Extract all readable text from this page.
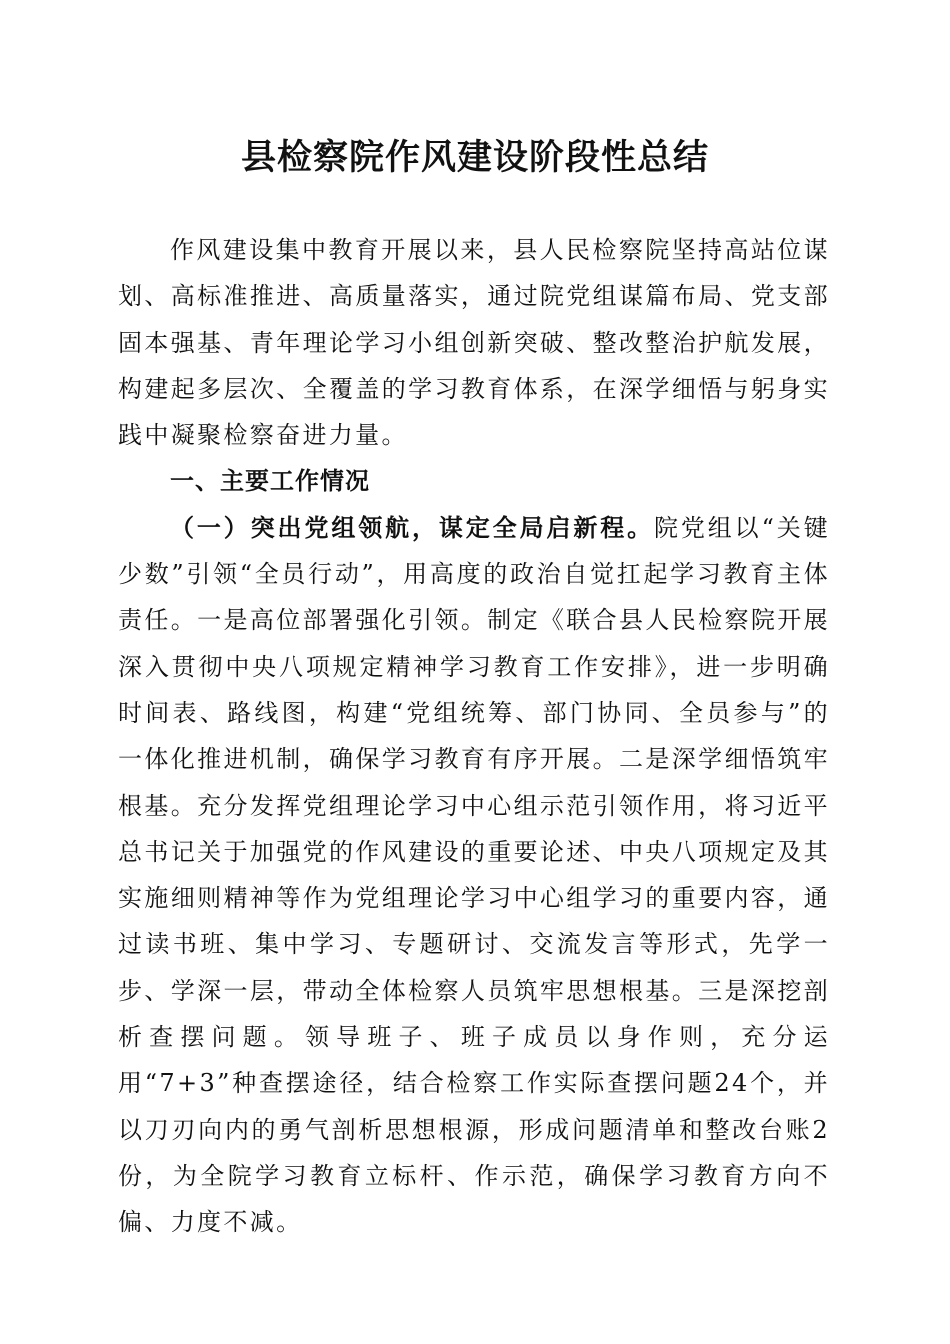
县检察院作风建设阶段性总结

作风建设集中教育开展以来，县人民检察院坚持高站位谋划、高标准推进、高质量落实，通过院党组谋篇布局、党支部固本强基、青年理论学习小组创新突破、整改整治护航发展，构建起多层次、全覆盖的学习教育体系，在深学细悟与躬身实践中凝聚检察奋进力量。

一、主要工作情况

（一）突出党组领航，谋定全局启新程。院党组以“关键少数”引领“全员行动”，用高度的政治自觉扛起学习教育主体责任。一是高位部署强化引领。制定《联合县人民检察院开展深入贯彻中央八项规定精神学习教育工作安排》，进一步明确时间表、路线图，构建“党组统筹、部门协同、全员参与”的一体化推进机制，确保学习教育有序开展。二是深学细悟筑牢根基。充分发挥党组理论学习中心组示范引领作用，将习近平总书记关于加强党的作风建设的重要论述、中央八项规定及其实施细则精神等作为党组理论学习中心组学习的重要内容，通过读书班、集中学习、专题研讨、交流发言等形式，先学一步、学深一层，带动全体检察人员筑牢思想根基。三是深挖剖析查摆问题。领导班子、班子成员以身作则，充分运用“7+3”种查摆途径，结合检察工作实际查摆问题24个，并以刀刃向内的勇气剖析思想根源，形成问题清单和整改台账2份，为全院学习教育立标杆、作示范，确保学习教育方向不偏、力度不减。
